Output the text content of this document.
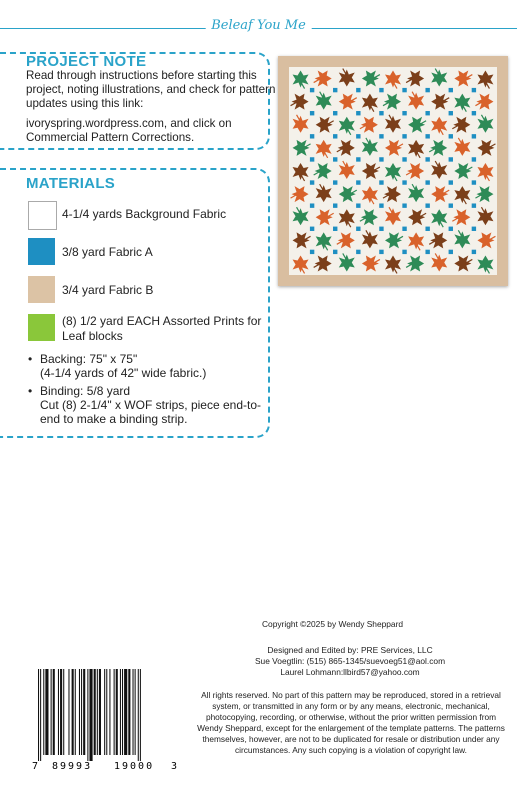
Beleaf You Me
PROJECT NOTE

Read through instructions before starting this project, noting illustrations, and check for pattern updates using this link:

ivoryspring.wordpress.com, and click on Commercial Pattern Corrections.

MATERIALS
4-1/4 yards Background Fabric
3/8 yard Fabric A
3/4 yard Fabric B
(8) 1/2 yard EACH Assorted Prints for Leaf blocks
• Backing: 75" x 75"
(4-1/4 yards of 42" wide fabric.)
• Binding: 5/8 yard
Cut (8) 2-1/4" x WOF strips, piece end-to-end to make a binding strip.
Copyright ©2025 by Wendy Sheppard
Designed and Edited by: PRE Services, LLC
Sue Voegtlin: (515) 865-1345/suevoeg51@aol.com
Laurel Lohmann:llbird57@yahoo.com
All rights reserved. No part of this pattern may be reproduced, stored in a retrieval system, or transmitted in any form or by any means, electronic, mechanical, photocopying, recording, or otherwise, without the prior written permission from Wendy Sheppard, except for the enlargement of the template patterns. The patterns themselves, however, are not to be duplicated for resale or distribution under any circumstances. Any such copying is a violation of copyright law.
7 89993 19000 3
